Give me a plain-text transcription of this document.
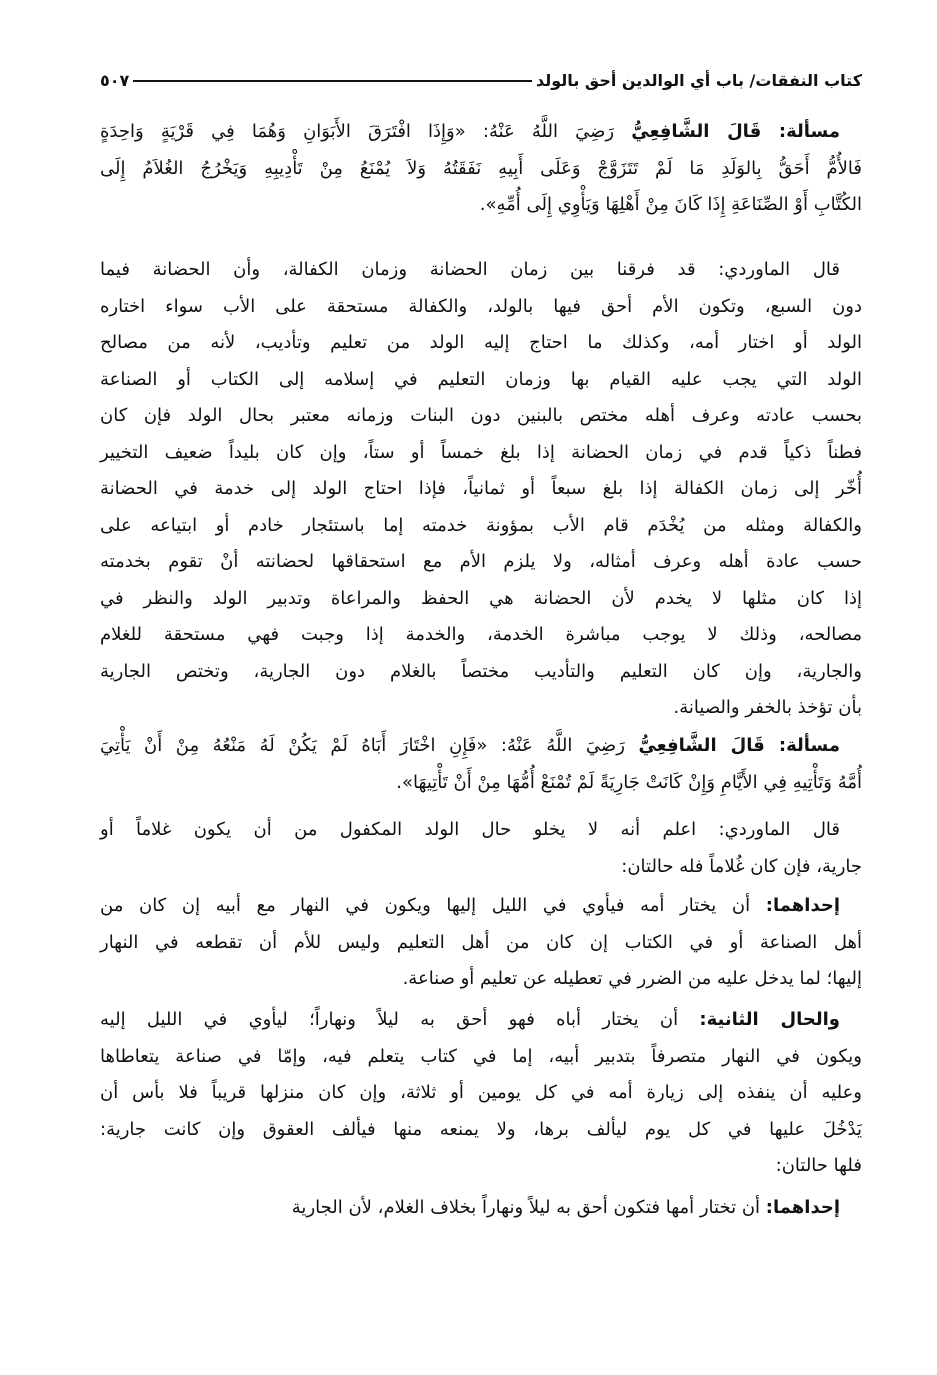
كتاب النفقات/ باب أي الوالدين أحق بالولد
٥٠٧
مسألة: قَالَ الشَّافِعِيُّ رَضِيَ اللَّهُ عَنْهُ: «وَإِذَا افْتَرَقَ الأَبَوَانِ وَهُمَا فِي قَرْيَةٍ وَاحِدَةٍ
فَالأُمُّ أَحَقُّ بِالوَلَدِ مَا لَمْ تَتَزَوَّجْ وَعَلَى أَبِيهِ نَفَقَتُهُ وَلاَ يُمْنَعُ مِنْ تَأْدِيبِهِ وَيَخْرُجُ الغُلاَمُ إِلَى
الكُتَّابِ أَوْ الصِّنَاعَةِ إِذَا كَانَ مِنْ أَهْلِهَا وَيَأْوِي إِلَى أُمِّهِ».
قال الماوردي: قد فرقنا بين زمان الحضانة وزمان الكفالة، وأن الحضانة فيما
دون السبع، وتكون الأم أحق فيها بالولد، والكفالة مستحقة على الأب سواء اختاره
الولد أو اختار أمه، وكذلك ما احتاج إليه الولد من تعليم وتأديب، لأنه من مصالح
الولد التي يجب عليه القيام بها وزمان التعليم في إسلامه إلى الكتاب أو الصناعة
بحسب عادته وعرف أهله مختص بالبنين دون البنات وزمانه معتبر بحال الولد فإن كان
فطناً ذكياً قدم في زمان الحضانة إذا بلغ خمساً أو ستاً، وإن كان بليداً ضعيف التخيير
أُخّر إلى زمان الكفالة إذا بلغ سبعاً أو ثمانياً، فإذا احتاج الولد إلى خدمة في الحضانة
والكفالة ومثله من يُخْدَم قام الأب بمؤونة خدمته إما باستئجار خادم أو ابتياعه على
حسب عادة أهله وعرف أمثاله، ولا يلزم الأم مع استحقاقها لحضانته أنْ تقوم بخدمته
إذا كان مثلها لا يخدم لأن الحضانة هي الحفظ والمراعاة وتدبير الولد والنظر في
مصالحه، وذلك لا يوجب مباشرة الخدمة، والخدمة إذا وجبت فهي مستحقة للغلام
والجارية، وإن كان التعليم والتأديب مختصاً بالغلام دون الجارية، وتختص الجارية
بأن تؤخذ بالخفر والصيانة.
مسألة: قَالَ الشَّافِعِيُّ رَضِيَ اللَّهُ عَنْهُ: «فَإِنِ اخْتَارَ أَبَاهُ لَمْ يَكُنْ لَهُ مَنْعُهُ مِنْ أَنْ يَأْتِيَ
أُمَّهُ وَتَأْتِيهِ فِي الأَيَّامِ وَإِنْ كَانَتْ جَارِيَةً لَمْ تُمْنَعْ أُمُّهَا مِنْ أَنْ تَأْتِيهَا».
قال الماوردي: اعلم أنه لا يخلو حال الولد المكفول من أن يكون غلاماً أو
جارية، فإن كان غُلاماً فله حالتان:
إحداهما: أن يختار أمه فيأوي في الليل إليها ويكون في النهار مع أبيه إن كان من
أهل الصناعة أو في الكتاب إن كان من أهل التعليم وليس للأم أن تقطعه في النهار
إليها؛ لما يدخل عليه من الضرر في تعطيله عن تعليم أو صناعة.
والحال الثانية: أن يختار أباه فهو أحق به ليلاً ونهاراً؛ ليأوي في الليل إليه
ويكون في النهار متصرفاً بتدبير أبيه، إما في كتاب يتعلم فيه، وإمّا في صناعة يتعاطاها
وعليه أن ينفذه إلى زيارة أمه في كل يومين أو ثلاثة، وإن كان منزلها قريباً فلا بأس أن
يَدْخُلَ عليها في كل يوم ليألف برها، ولا يمنعه منها فيألف العقوق وإن كانت جارية:
فلها حالتان:
إحداهما: أن تختار أمها فتكون أحق به ليلاً ونهاراً بخلاف الغلام، لأن الجارية
